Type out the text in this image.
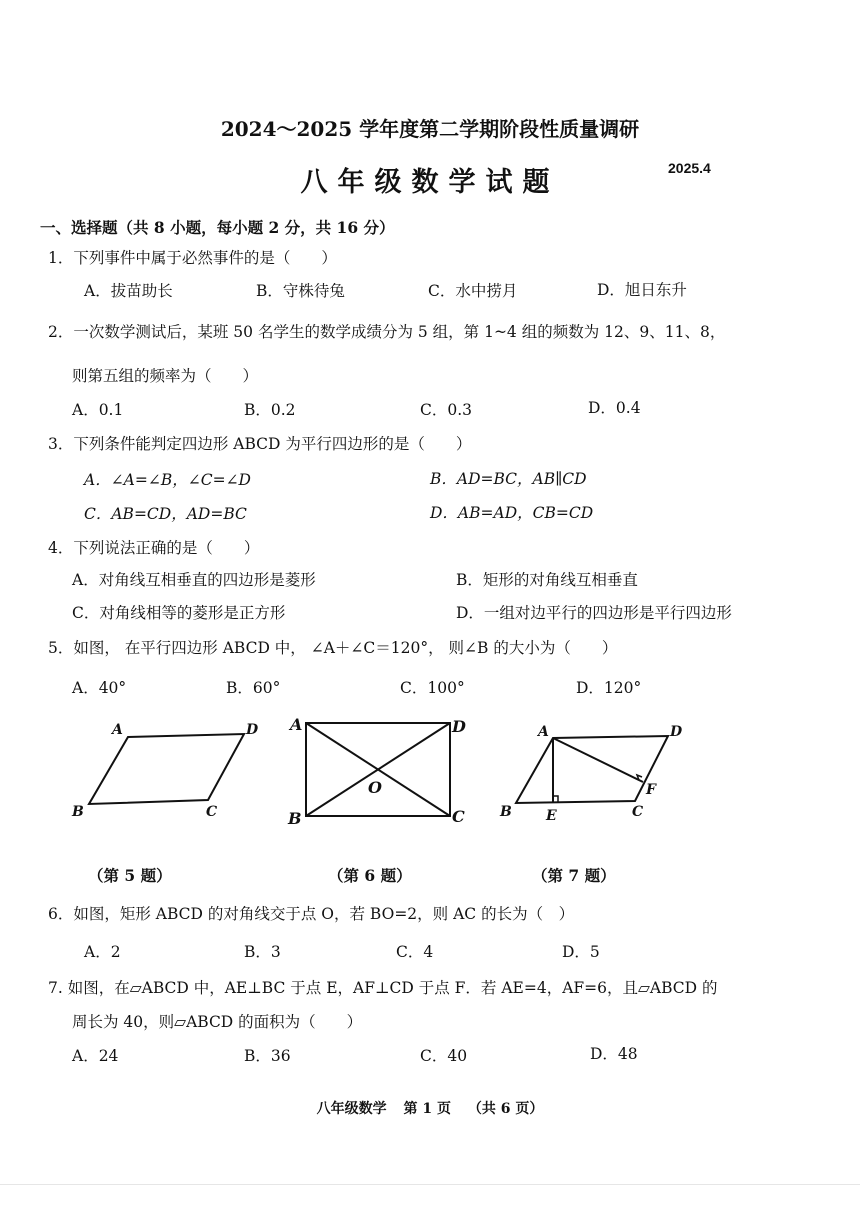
2024～2025 学年度第二学期阶段性质量调研
八年级数学试题	2025.4
一、选择题（共 8 小题，每小题 2 分，共 16 分）
1．下列事件中属于必然事件的是（　　）
A．拔苗助长	B．守株待兔	C．水中捞月	D．旭日东升
2．一次数学测试后，某班 50 名学生的数学成绩分为 5 组，第 1~4 组的频数为 12、9、11、8，
则第五组的频率为（　　）
A．0.1	B．0.2	C．0.3	D．0.4
3．下列条件能判定四边形 ABCD 为平行四边形的是（　　）
A．∠A=∠B，∠C=∠D	B．AD=BC，AB∥CD
C．AB=CD，AD=BC	D．AB=AD，CB=CD
4．下列说法正确的是（　　）
A．对角线互相垂直的四边形是菱形	B．矩形的对角线互相垂直
C．对角线相等的菱形是正方形	D．一组对边平行的四边形是平行四边形
5．如图， 在平行四边形 ABCD 中， ∠A＋∠C＝120°， 则∠B 的大小为（　　）
A．40°	B．60°	C．100°	D．120°
A	D
B	C
A	D
B	C
O
A	D
B E	C
F
（第 5 题）	（第 6 题）	（第 7 题）
6．如图，矩形 ABCD 的对角线交于点 O，若 BO=2，则 AC 的长为（　）
A．2	B．3	C．4	D．5
7. 如图，在▱ABCD 中，AE⊥BC 于点 E，AF⊥CD 于点 F．若 AE=4，AF=6，且▱ABCD 的
周长为 40，则▱ABCD 的面积为（　　）
A．24	B．36	C．40	D．48
八年级数学 第 1 页 （共 6 页）
